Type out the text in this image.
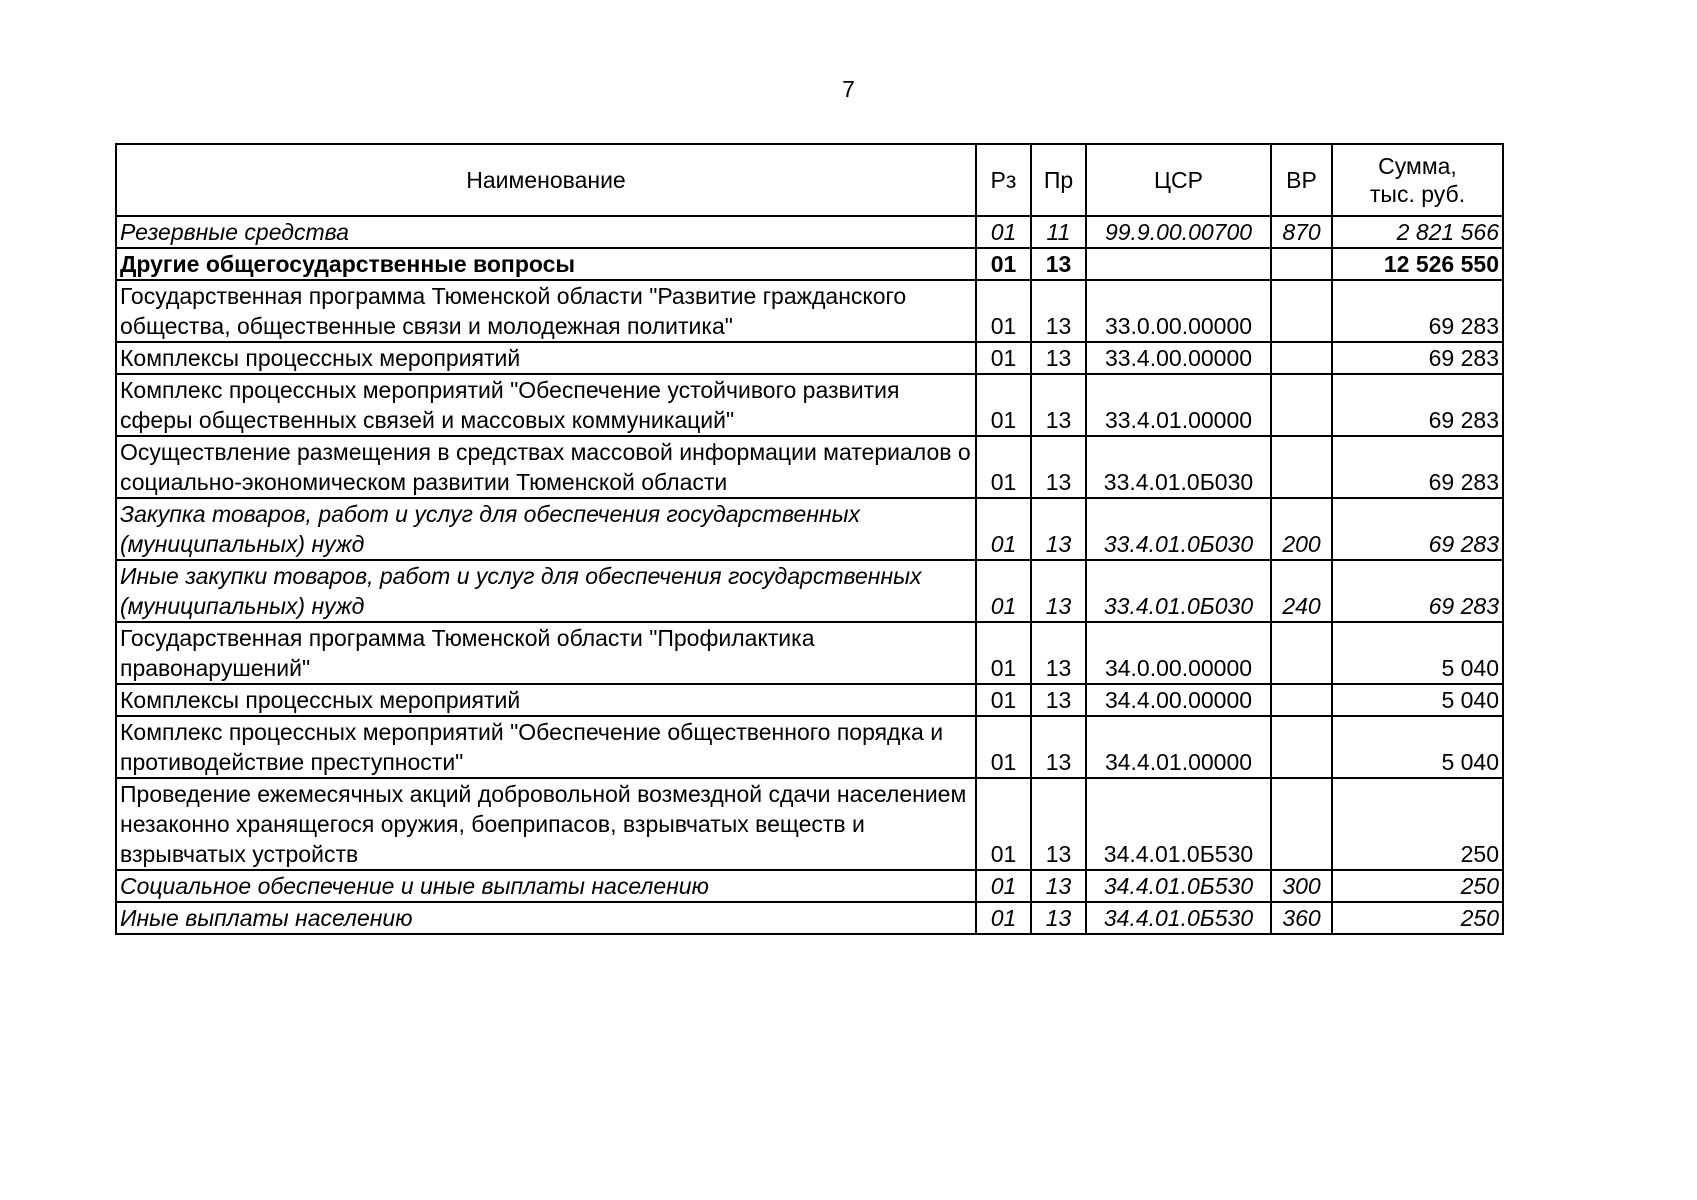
7
Наименование	Рз	Пр	ЦСР	ВР	Сумма,
тыс. руб.

Резервные средства	01	11	99.9.00.00700	870	2 821 566
Другие общегосударственные вопросы	01	13			12 526 550
Государственная программа Тюменской области "Развитие гражданского общества, общественные связи и молодежная политика"	01	13	33.0.00.00000		69 283
Комплексы процессных мероприятий	01	13	33.4.00.00000		69 283
Комплекс процессных мероприятий "Обеспечение устойчивого развития сферы общественных связей и массовых коммуникаций"	01	13	33.4.01.00000		69 283
Осуществление размещения в средствах массовой информации материалов о социально-экономическом развитии Тюменской области	01	13	33.4.01.0Б030		69 283
Закупка товаров, работ и услуг для обеспечения государственных (муниципальных) нужд	01	13	33.4.01.0Б030	200	69 283
Иные закупки товаров, работ и услуг для обеспечения государственных (муниципальных) нужд	01	13	33.4.01.0Б030	240	69 283
Государственная программа Тюменской области "Профилактика правонарушений"	01	13	34.0.00.00000		5 040
Комплексы процессных мероприятий	01	13	34.4.00.00000		5 040
Комплекс процессных мероприятий "Обеспечение общественного порядка и противодействие преступности"	01	13	34.4.01.00000		5 040
Проведение ежемесячных акций добровольной возмездной сдачи населением незаконно хранящегося оружия, боеприпасов, взрывчатых веществ и взрывчатых устройств	01	13	34.4.01.0Б530		250
Социальное обеспечение и иные выплаты населению	01	13	34.4.01.0Б530	300	250
Иные выплаты населению	01	13	34.4.01.0Б530	360	250
